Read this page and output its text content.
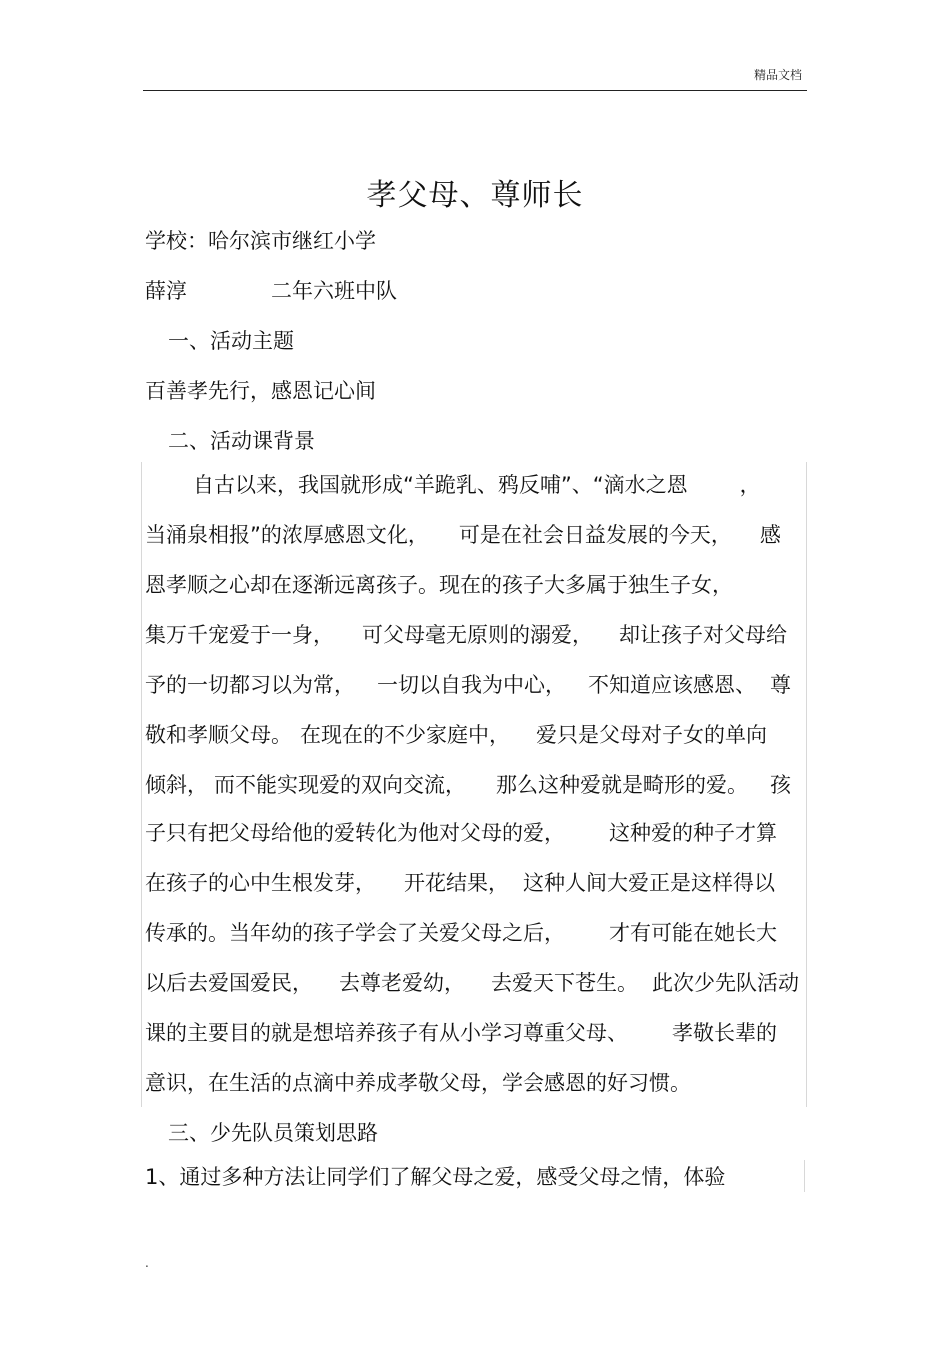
精品文档
孝父母、尊师长
学校：哈尔滨市继红小学
薛淳	二年六班中队
一、活动主题
百善孝先行，感恩记心间
二、活动课背景
自古以来，我国就形成“羊跪乳、鸦反哺”、“滴水之恩 ，
当涌泉相报”的浓厚感恩文化， 可是在社会日益发展的今天， 感
恩孝顺之心却在逐渐远离孩子。现在的孩子大多属于独生子女，
集万千宠爱于一身， 可父母毫无原则的溺爱， 却让孩子对父母给
予的一切都习以为常， 一切以自我为中心， 不知道应该感恩、 尊
敬和孝顺父母。 在现在的不少家庭中， 爱只是父母对子女的单向
倾斜， 而不能实现爱的双向交流， 那么这种爱就是畸形的爱。 孩
子只有把父母给他的爱转化为他对父母的爱， 这种爱的种子才算
在孩子的心中生根发芽， 开花结果， 这种人间大爱正是这样得以
传承的。当年幼的孩子学会了关爱父母之后， 才有可能在她长大
以后去爱国爱民， 去尊老爱幼， 去爱天下苍生。 此次少先队活动
课的主要目的就是想培养孩子有从小学习尊重父母、 孝敬长辈的
意识，在生活的点滴中养成孝敬父母，学会感恩的好习惯。
三、少先队员策划思路
1、通过多种方法让同学们了解父母之爱，感受父母之情，体验
.
